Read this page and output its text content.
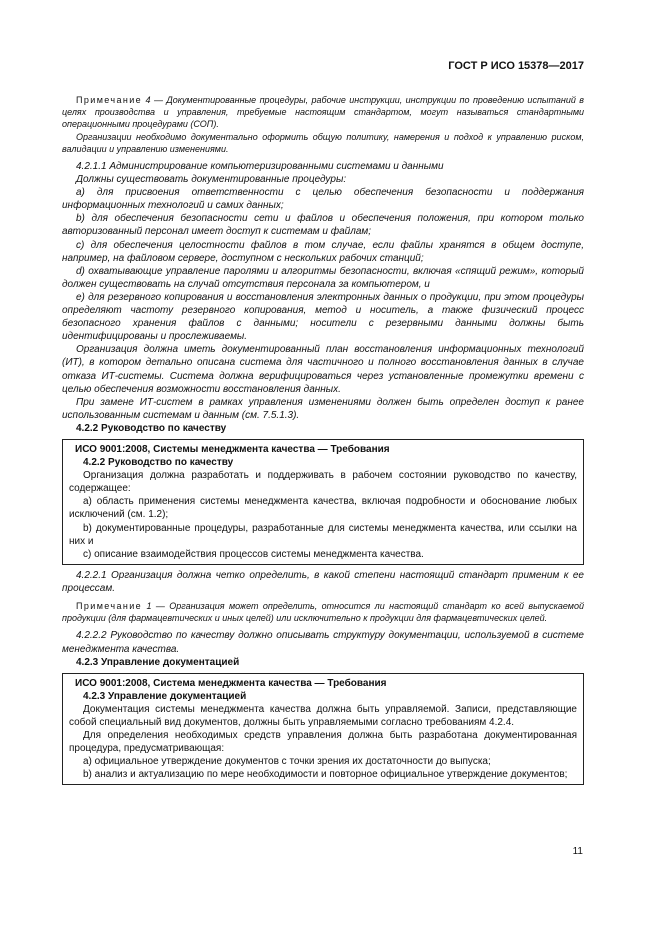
ГОСТ Р ИСО 15378—2017

Примечание 4 — Документированные процедуры, рабочие инструкции, инструкции по проведению испытаний в целях производства и управления, требуемые настоящим стандартом, могут называться стандартными операционными процедурами (СОП).

Организации необходимо документально оформить общую политику, намерения и подход к управлению риском, валидации и управлению изменениями.

4.2.1.1 Администрирование компьютеризированными системами и данными

Должны существовать документированные процедуры:

а) для присвоения ответственности с целью обеспечения безопасности и поддержания информационных технологий и самих данных;

b) для обеспечения безопасности сети и файлов и обеспечения положения, при котором только авторизованный персонал имеет доступ к системам и файлам;

c) для обеспечения целостности файлов в том случае, если файлы хранятся в общем доступе, например, на файловом сервере, доступном с нескольких рабочих станций;

d) охватывающие управление паролями и алгоритмы безопасности, включая «спящий режим», который должен существовать на случай отсутствия персонала за компьютером, и

е) для резервного копирования и восстановления электронных данных о продукции, при этом процедуры определяют частоту резервного копирования, метод и носитель, а также физический процесс безопасного хранения файлов с данными; носители с резервными данными должны быть идентифицированы и прослеживаемы.

Организация должна иметь документированный план восстановления информационных технологий (ИТ), в котором детально описана система для частичного и полного восстановления данных в случае отказа ИТ-системы. Система должна верифицироваться через установленные промежутки времени с целью обеспечения возможности восстановления данных.

При замене ИТ-систем в рамках управления изменениями должен быть определен доступ к ранее использованным системам и данным (см. 7.5.1.3).

4.2.2 Руководство по качеству

ИСО 9001:2008, Системы менеджмента качества — Требования

4.2.2 Руководство по качеству

Организация должна разработать и поддерживать в рабочем состоянии руководство по качеству, содержащее:

а) область применения системы менеджмента качества, включая подробности и обоснование любых исключений (см. 1.2);

b) документированные процедуры, разработанные для системы менеджмента качества, или ссылки на них и

c) описание взаимодействия процессов системы менеджмента качества.

4.2.2.1 Организация должна четко определить, в какой степени настоящий стандарт применим к ее процессам.

Примечание 1 — Организация может определить, относится ли настоящий стандарт ко всей выпускаемой продукции (для фармацевтических и иных целей) или исключительно к продукции для фармацевтических целей.

4.2.2.2 Руководство по качеству должно описывать структуру документации, используемой в системе менеджмента качества.

4.2.3 Управление документацией

ИСО 9001:2008, Система менеджмента качества — Требования

4.2.3 Управление документацией

Документация системы менеджмента качества должна быть управляемой. Записи, представляющие собой специальный вид документов, должны быть управляемыми согласно требованиям 4.2.4.

Для определения необходимых средств управления должна быть разработана документированная процедура, предусматривающая:

а) официальное утверждение документов с точки зрения их достаточности до выпуска;

b) анализ и актуализацию по мере необходимости и повторное официальное утверждение документов;

11
